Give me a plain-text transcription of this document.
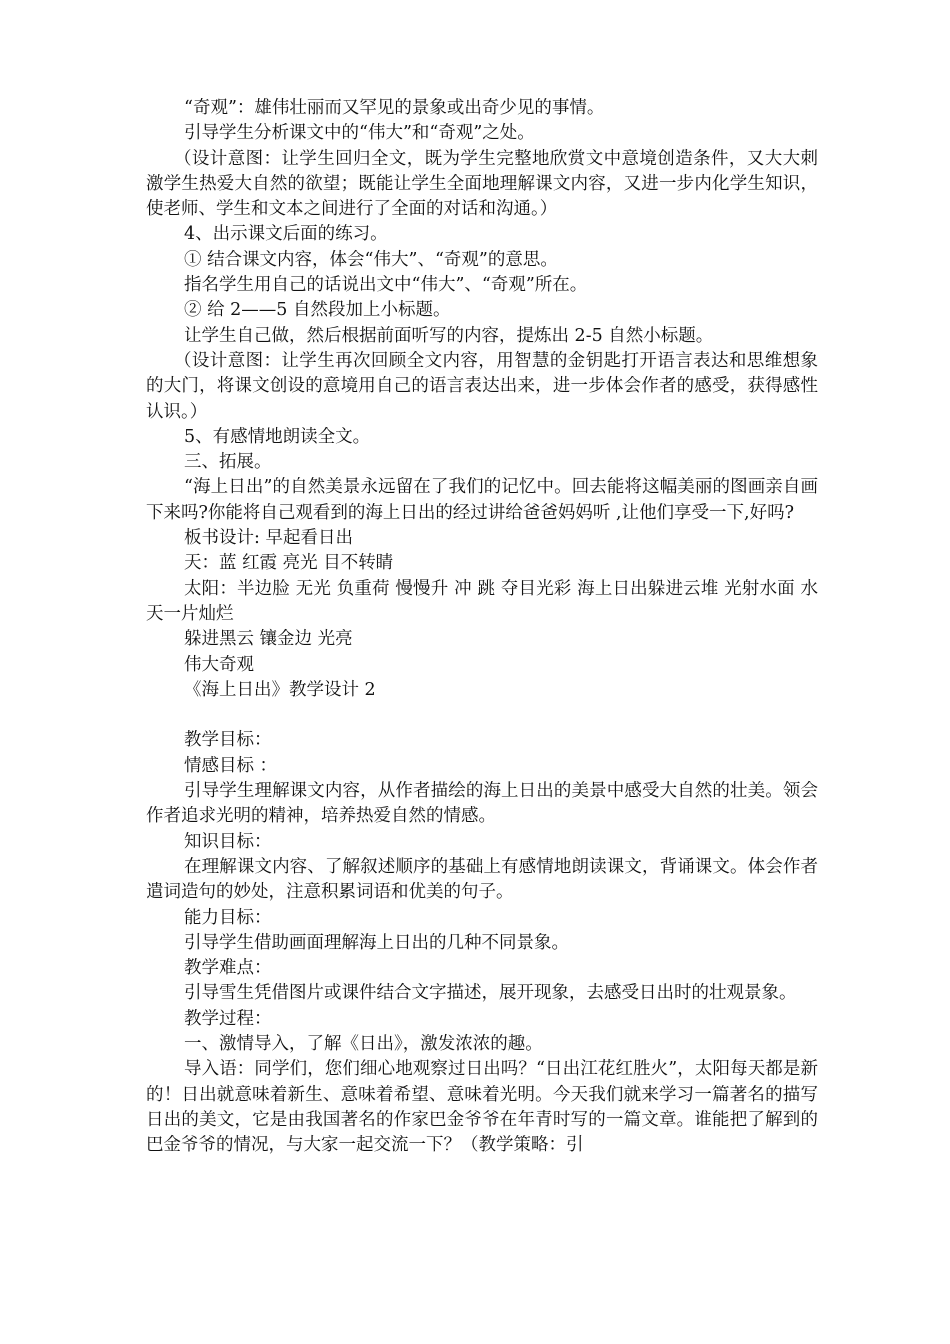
“奇观”：雄伟壮丽而又罕见的景象或出奇少见的事情。

引导学生分析课文中的“伟大”和“奇观”之处。

（设计意图：让学生回归全文，既为学生完整地欣赏文中意境创造条件，又大大刺激学生热爱大自然的欲望；既能让学生全面地理解课文内容，又进一步内化学生知识，使老师、学生和文本之间进行了全面的对话和沟通。）

4、出示课文后面的练习。

① 结合课文内容，体会“伟大”、“奇观”的意思。

指名学生用自己的话说出文中“伟大”、“奇观”所在。

② 给 2——5 自然段加上小标题。

让学生自己做，然后根据前面听写的内容，提炼出 2-5 自然小标题。

（设计意图：让学生再次回顾全文内容，用智慧的金钥匙打开语言表达和思维想象的大门，将课文创设的意境用自己的语言表达出来，进一步体会作者的感受，获得感性认识。）

5、有感情地朗读全文。

三、拓展。

“海上日出”的自然美景永远留在了我们的记忆中。回去能将这幅美丽的图画亲自画下来吗?你能将自己观看到的海上日出的经过讲给爸爸妈妈听 ,让他们享受一下,好吗?

板书设计: 早起看日出

天：蓝 红霞 亮光 目不转睛

太阳：半边脸 无光 负重荷 慢慢升 冲 跳 夺目光彩 海上日出躲进云堆 光射水面 水天一片灿烂

躲进黑云 镶金边 光亮

伟大奇观

《海上日出》教学设计 2

教学目标：

情感目标 ：

引导学生理解课文内容，从作者描绘的海上日出的美景中感受大自然的壮美。领会作者追求光明的精神，培养热爱自然的情感。

知识目标：

在理解课文内容、了解叙述顺序的基础上有感情地朗读课文，背诵课文。体会作者遣词造句的妙处，注意积累词语和优美的句子。

能力目标：

引导学生借助画面理解海上日出的几种不同景象。

教学难点：

引导雪生凭借图片或课件结合文字描述，展开现象，去感受日出时的壮观景象。

教学过程：

一、激情导入，了解《日出》，激发浓浓的趣。

导入语：同学们，您们细心地观察过日出吗？“日出江花红胜火”，太阳每天都是新的！日出就意味着新生、意味着希望、意味着光明。今天我们就来学习一篇著名的描写日出的美文，它是由我国著名的作家巴金爷爷在年青时写的一篇文章。谁能把了解到的巴金爷爷的情况，与大家一起交流一下？（教学策略：引
